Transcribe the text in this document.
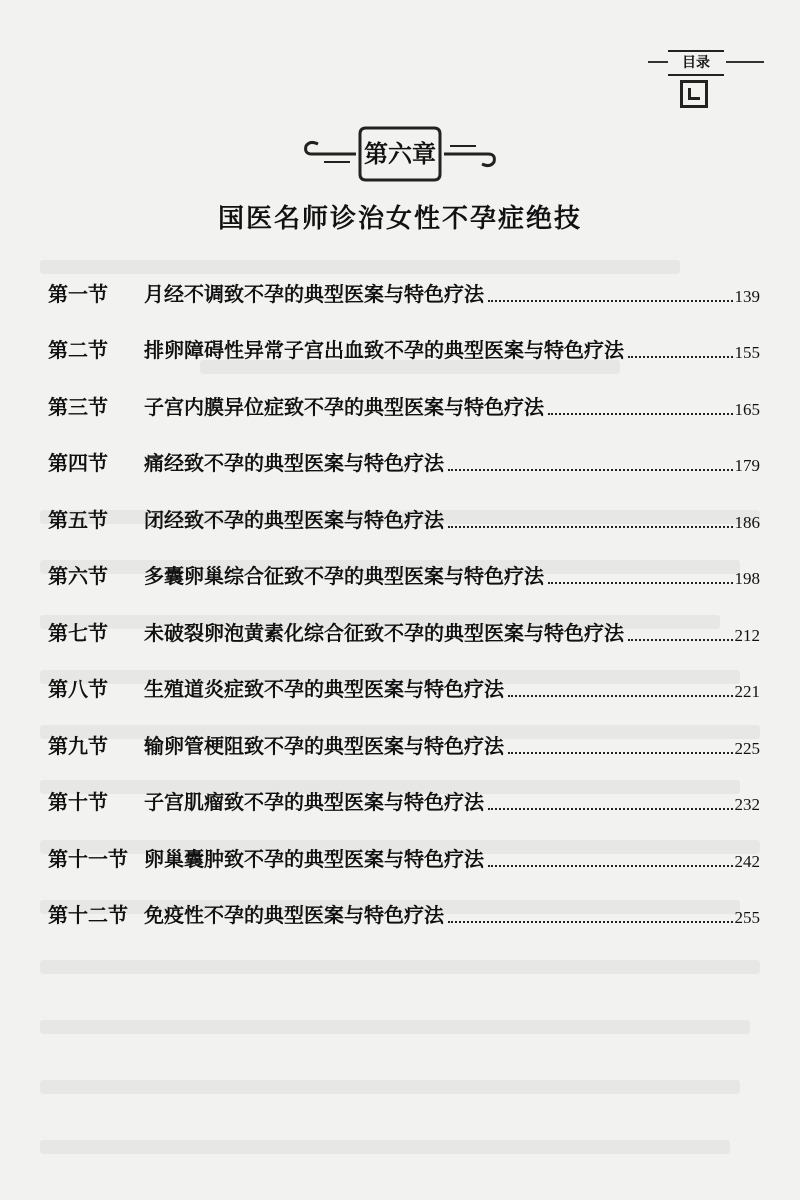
目录
第六章
国医名师诊治女性不孕症绝技
第一节	月经不调致不孕的典型医案与特色疗法	139
第二节	排卵障碍性异常子宫出血致不孕的典型医案与特色疗法	155
第三节	子宫内膜异位症致不孕的典型医案与特色疗法	165
第四节	痛经致不孕的典型医案与特色疗法	179
第五节	闭经致不孕的典型医案与特色疗法	186
第六节	多囊卵巢综合征致不孕的典型医案与特色疗法	198
第七节	未破裂卵泡黄素化综合征致不孕的典型医案与特色疗法	212
第八节	生殖道炎症致不孕的典型医案与特色疗法	221
第九节	输卵管梗阻致不孕的典型医案与特色疗法	225
第十节	子宫肌瘤致不孕的典型医案与特色疗法	232
第十一节 卵巢囊肿致不孕的典型医案与特色疗法	242
第十二节 免疫性不孕的典型医案与特色疗法	255
